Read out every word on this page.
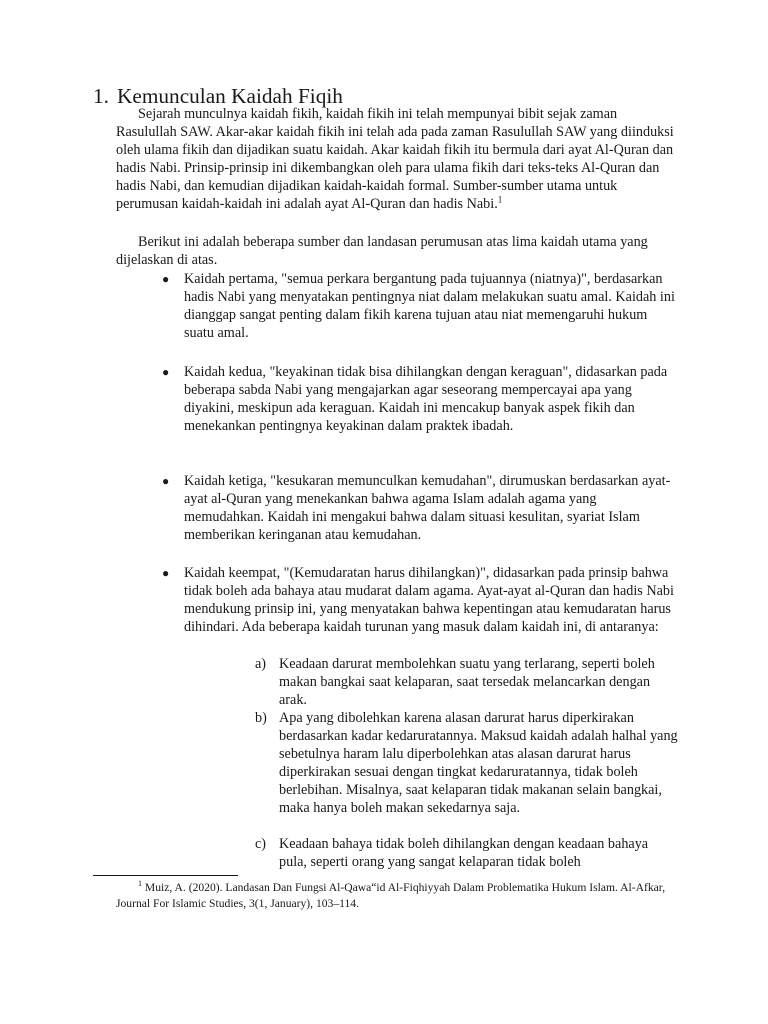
1. Kemunculan Kaidah Fiqih

Sejarah munculnya kaidah fikih, kaidah fikih ini telah mempunyai bibit sejak zaman Rasulullah SAW. Akar-akar kaidah fikih ini telah ada pada zaman Rasulullah SAW yang diinduksi oleh ulama fikih dan dijadikan suatu kaidah. Akar kaidah fikih itu bermula dari ayat Al-Quran dan hadis Nabi. Prinsip-prinsip ini dikembangkan oleh para ulama fikih dari teks-teks Al-Quran dan hadis Nabi, dan kemudian dijadikan kaidah-kaidah formal. Sumber-sumber utama untuk perumusan kaidah-kaidah ini adalah ayat Al-Quran dan hadis Nabi.$^1$

Berikut ini adalah beberapa sumber dan landasan perumusan atas lima kaidah utama yang dijelaskan di atas.

● Kaidah pertama, "semua perkara bergantung pada tujuannya (niatnya)", berdasarkan hadis Nabi yang menyatakan pentingnya niat dalam melakukan suatu amal. Kaidah ini dianggap sangat penting dalam fikih karena tujuan atau niat memengaruhi hukum suatu amal.
● Kaidah kedua, "keyakinan tidak bisa dihilangkan dengan keraguan", didasarkan pada beberapa sabda Nabi yang mengajarkan agar seseorang mempercayai apa yang diyakini, meskipun ada keraguan. Kaidah ini mencakup banyak aspek fikih dan menekankan pentingnya keyakinan dalam praktek ibadah.
● Kaidah ketiga, "kesukaran memunculkan kemudahan", dirumuskan berdasarkan ayat-ayat al-Quran yang menekankan bahwa agama Islam adalah agama yang memudahkan. Kaidah ini mengakui bahwa dalam situasi kesulitan, syariat Islam memberikan keringanan atau kemudahan.
● Kaidah keempat, "(Kemudaratan harus dihilangkan)", didasarkan pada prinsip bahwa tidak boleh ada bahaya atau mudarat dalam agama. Ayat-ayat al-Quran dan hadis Nabi mendukung prinsip ini, yang menyatakan bahwa kepentingan atau kemudaratan harus dihindari. Ada beberapa kaidah turunan yang masuk dalam kaidah ini, di antaranya:
a) Keadaan darurat membolehkan suatu yang terlarang, seperti boleh makan bangkai saat kelaparan, saat tersedak melancarkan dengan arak.
b) Apa yang dibolehkan karena alasan darurat harus diperkirakan berdasarkan kadar kedaruratannya. Maksud kaidah adalah halhal yang sebetulnya haram lalu diperbolehkan atas alasan darurat harus diperkirakan sesuai dengan tingkat kedaruratannya, tidak boleh berlebihan. Misalnya, saat kelaparan tidak makanan selain bangkai, maka hanya boleh makan sekedarnya saja.
c) Keadaan bahaya tidak boleh dihilangkan dengan keadaan bahaya pula, seperti orang yang sangat kelaparan tidak boleh

$^1$ Muiz, A. (2020). Landasan Dan Fungsi Al-Qawa“id Al-Fiqhiyyah Dalam Problematika Hukum Islam. Al-Afkar, Journal For Islamic Studies, 3(1, January), 103–114.
